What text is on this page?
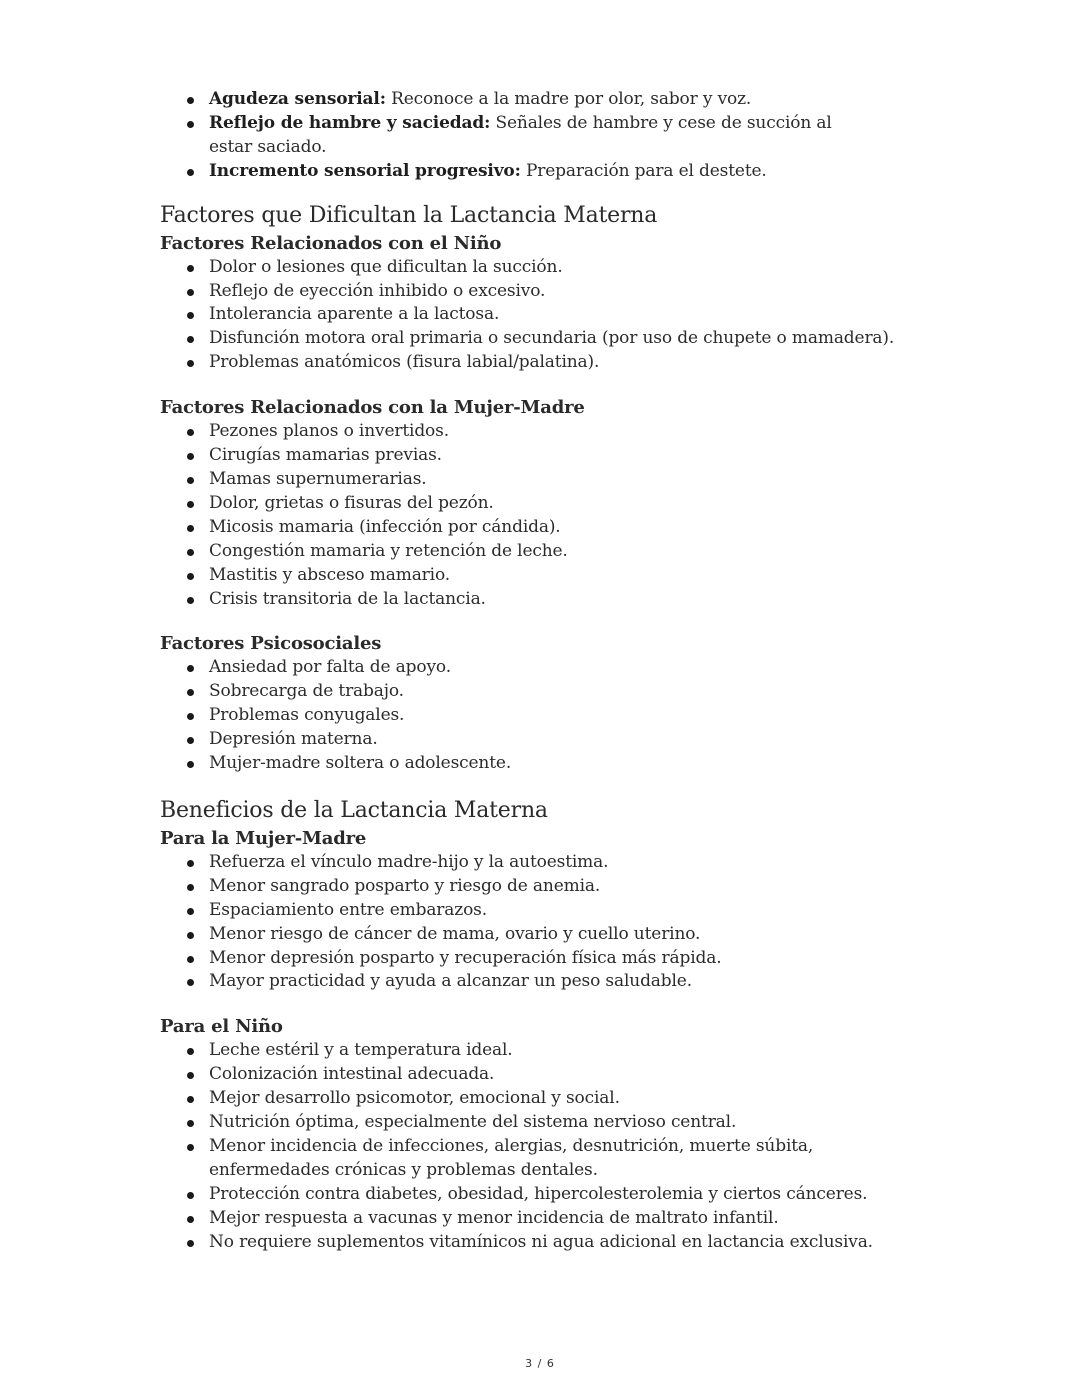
Agudeza sensorial: Reconoce a la madre por olor, sabor y voz.
Reflejo de hambre y saciedad: Señales de hambre y cese de succión al estar saciado.
Incremento sensorial progresivo: Preparación para el destete.
Factores que Dificultan la Lactancia Materna
Factores Relacionados con el Niño
Dolor o lesiones que dificultan la succión.
Reflejo de eyección inhibido o excesivo.
Intolerancia aparente a la lactosa.
Disfunción motora oral primaria o secundaria (por uso de chupete o mamadera).
Problemas anatómicos (fisura labial/palatina).
Factores Relacionados con la Mujer-Madre
Pezones planos o invertidos.
Cirugías mamarias previas.
Mamas supernumerarias.
Dolor, grietas o fisuras del pezón.
Micosis mamaria (infección por cándida).
Congestión mamaria y retención de leche.
Mastitis y absceso mamario.
Crisis transitoria de la lactancia.
Factores Psicosociales
Ansiedad por falta de apoyo.
Sobrecarga de trabajo.
Problemas conyugales.
Depresión materna.
Mujer-madre soltera o adolescente.
Beneficios de la Lactancia Materna
Para la Mujer-Madre
Refuerza el vínculo madre-hijo y la autoestima.
Menor sangrado posparto y riesgo de anemia.
Espaciamiento entre embarazos.
Menor riesgo de cáncer de mama, ovario y cuello uterino.
Menor depresión posparto y recuperación física más rápida.
Mayor practicidad y ayuda a alcanzar un peso saludable.
Para el Niño
Leche estéril y a temperatura ideal.
Colonización intestinal adecuada.
Mejor desarrollo psicomotor, emocional y social.
Nutrición óptima, especialmente del sistema nervioso central.
Menor incidencia de infecciones, alergias, desnutrición, muerte súbita, enfermedades crónicas y problemas dentales.
Protección contra diabetes, obesidad, hipercolesterolemia y ciertos cánceres.
Mejor respuesta a vacunas y menor incidencia de maltrato infantil.
No requiere suplementos vitamínicos ni agua adicional en lactancia exclusiva.
3 / 6
